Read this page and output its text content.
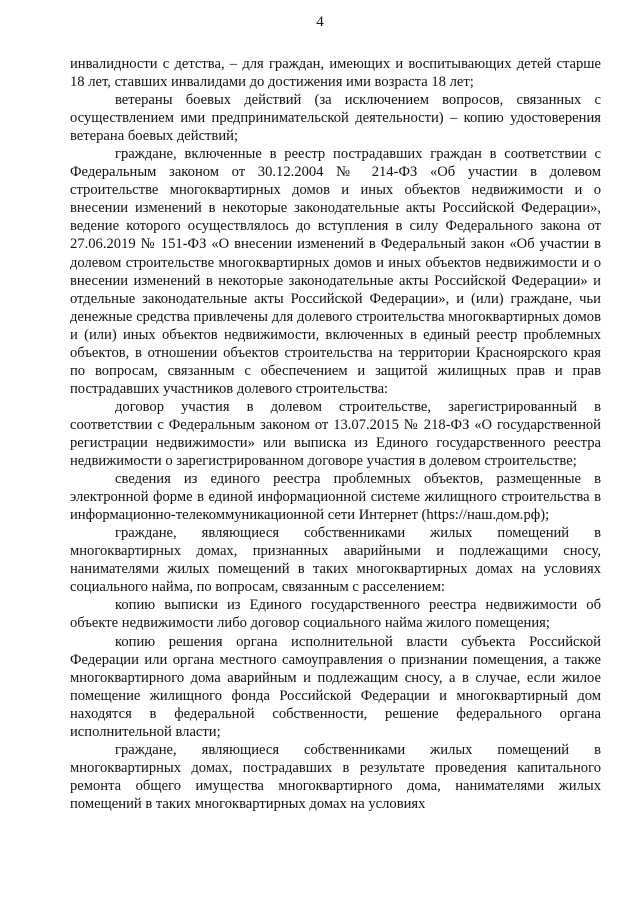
4

инвалидности с детства, – для граждан, имеющих и воспитывающих детей старше 18 лет, ставших инвалидами до достижения ими возраста 18 лет;

ветераны боевых действий (за исключением вопросов, связанных с осуществлением ими предпринимательской деятельности) – копию удостоверения ветерана боевых действий;

граждане, включенные в реестр пострадавших граждан в соответствии с Федеральным законом от 30.12.2004 № 214-ФЗ «Об участии в долевом строительстве многоквартирных домов и иных объектов недвижимости и о внесении изменений в некоторые законодательные акты Российской Федерации», ведение которого осуществлялось до вступления в силу Федерального закона от 27.06.2019 № 151-ФЗ «О внесении изменений в Федеральный закон «Об участии в долевом строительстве многоквартирных домов и иных объектов недвижимости и о внесении изменений в некоторые законодательные акты Российской Федерации» и отдельные законодательные акты Российской Федерации», и (или) граждане, чьи денежные средства привлечены для долевого строительства многоквартирных домов и (или) иных объектов недвижимости, включенных в единый реестр проблемных объектов, в отношении объектов строительства на территории Красноярского края по вопросам, связанным с обеспечением и защитой жилищных прав и прав пострадавших участников долевого строительства:

договор участия в долевом строительстве, зарегистрированный в соответствии с Федеральным законом от 13.07.2015 № 218-ФЗ «О государственной регистрации недвижимости» или выписка из Единого государственного реестра недвижимости о зарегистрированном договоре участия в долевом строительстве;

сведения из единого реестра проблемных объектов, размещенные в электронной форме в единой информационной системе жилищного строительства в информационно-телекоммуникационной сети Интернет (https://наш.дом.рф);

граждане, являющиеся собственниками жилых помещений в многоквартирных домах, признанных аварийными и подлежащими сносу, нанимателями жилых помещений в таких многоквартирных домах на условиях социального найма, по вопросам, связанным с расселением:

копию выписки из Единого государственного реестра недвижимости об объекте недвижимости либо договор социального найма жилого помещения;

копию решения органа исполнительной власти субъекта Российской Федерации или органа местного самоуправления о признании помещения, а также многоквартирного дома аварийным и подлежащим сносу, а в случае, если жилое помещение жилищного фонда Российской Федерации и многоквартирный дом находятся в федеральной собственности, решение федерального органа исполнительной власти;

граждане, являющиеся собственниками жилых помещений в многоквартирных домах, пострадавших в результате проведения капитального ремонта общего имущества многоквартирного дома, нанимателями жилых помещений в таких многоквартирных домах на условиях
